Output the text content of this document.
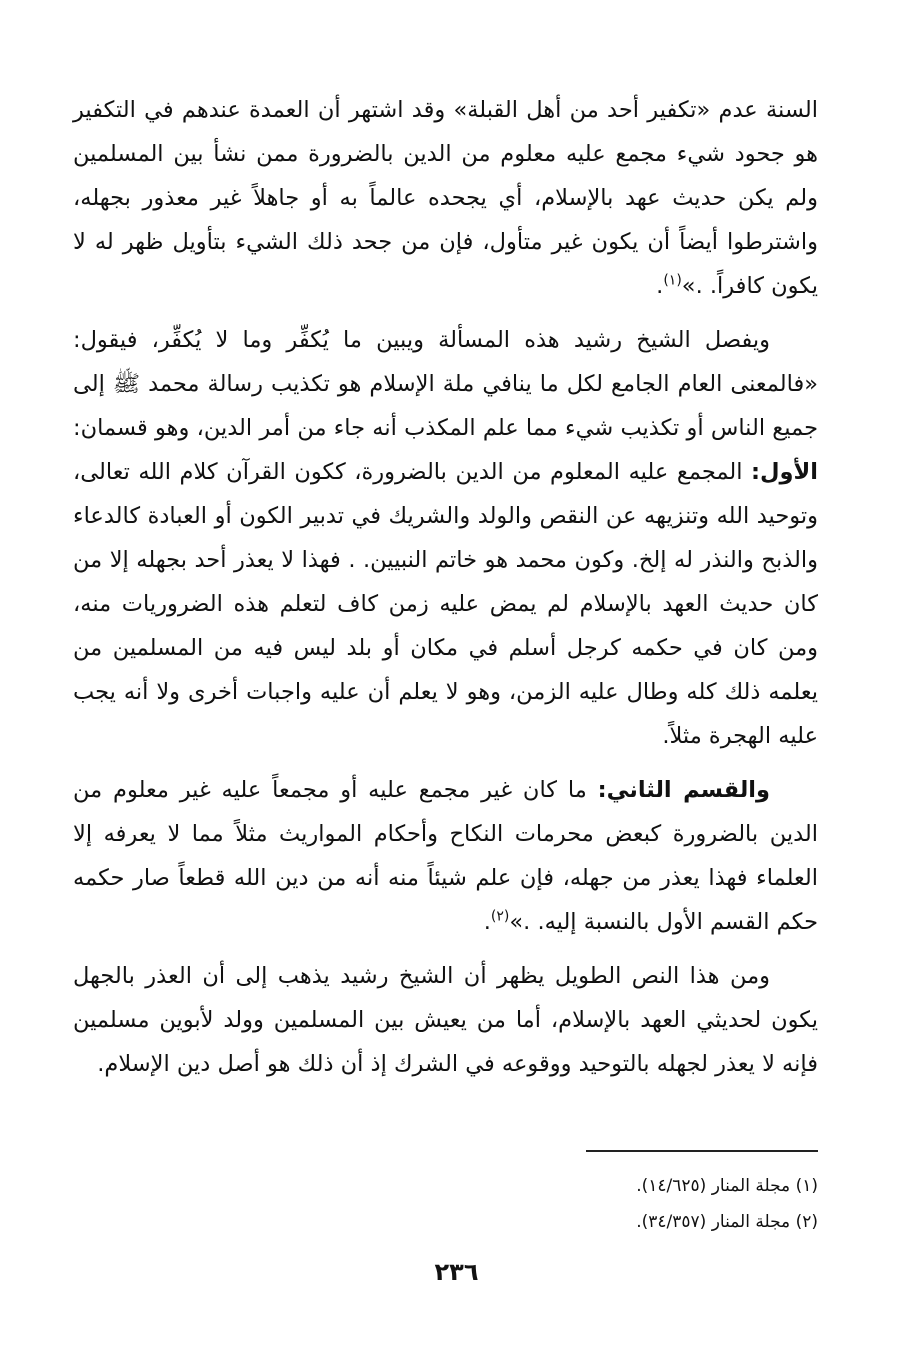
السنة عدم «تكفير أحد من أهل القبلة» وقد اشتهر أن العمدة عندهم في التكفير هو جحود شيء مجمع عليه معلوم من الدين بالضرورة ممن نشأ بين المسلمين ولم يكن حديث عهد بالإسلام، أي يجحده عالماً به أو جاهلاً غير معذور بجهله، واشترطوا أيضاً أن يكون غير متأول، فإن من جحد ذلك الشيء بتأويل ظهر له لا يكون كافراً. .»$^{(١)}$.

ويفصل الشيخ رشيد هذه المسألة ويبين ما يُكفِّر وما لا يُكفِّر، فيقول: «فالمعنى العام الجامع لكل ما ينافي ملة الإسلام هو تكذيب رسالة محمد ﷺ إلى جميع الناس أو تكذيب شيء مما علم المكذب أنه جاء من أمر الدين، وهو قسمان: الأول: المجمع عليه المعلوم من الدين بالضرورة، ككون القرآن كلام الله تعالى، وتوحيد الله وتنزيهه عن النقص والولد والشريك في تدبير الكون أو العبادة كالدعاء والذبح والنذر له إلخ. وكون محمد هو خاتم النبيين. . فهذا لا يعذر أحد بجهله إلا من كان حديث العهد بالإسلام لم يمض عليه زمن كاف لتعلم هذه الضروريات منه، ومن كان في حكمه كرجل أسلم في مكان أو بلد ليس فيه من المسلمين من يعلمه ذلك كله وطال عليه الزمن، وهو لا يعلم أن عليه واجبات أخرى ولا أنه يجب عليه الهجرة مثلاً.

والقسم الثاني: ما كان غير مجمع عليه أو مجمعاً عليه غير معلوم من الدين بالضرورة كبعض محرمات النكاح وأحكام المواريث مثلاً مما لا يعرفه إلا العلماء فهذا يعذر من جهله، فإن علم شيئاً منه أنه من دين الله قطعاً صار حكمه حكم القسم الأول بالنسبة إليه. .»$^{(٢)}$.

ومن هذا النص الطويل يظهر أن الشيخ رشيد يذهب إلى أن العذر بالجهل يكون لحديثي العهد بالإسلام، أما من يعيش بين المسلمين وولد لأبوين مسلمين فإنه لا يعذر لجهله بالتوحيد ووقوعه في الشرك إذ أن ذلك هو أصل دين الإسلام.

(١) مجلة المنار (١٤/٦٢٥).

(٢) مجلة المنار (٣٤/٣٥٧).

٢٣٦
